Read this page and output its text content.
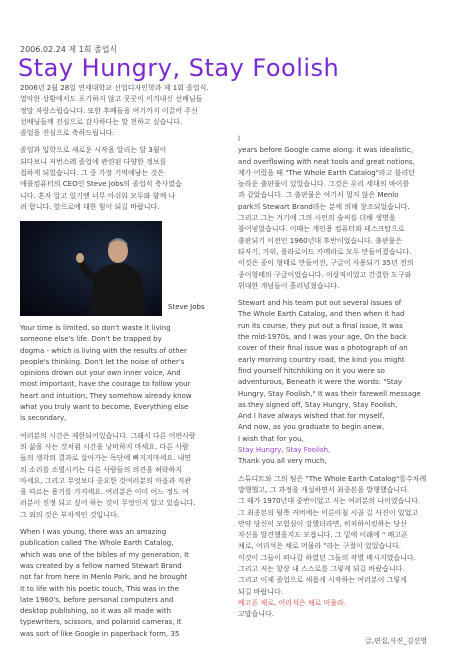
2006.02.24 제 1회 졸업식
Stay Hungry, Stay Foolish

2006년 2월 28일 연세대학교 신업디자인학과 제 1회 졸업식.
열악한 상황에서도 포기하지 않고 꿋꿋이 이겨내신 선배님들
정말 자랑스럽습니다. 또한 후배들을 여기까지 이끌어 주신
선배님들께 진심으로 감사하다는 말 전하고 싶습니다.
졸업을 진심으로 축하드립니다.

졸업과 입학으로 새로운 시작을 알리는 달 3월이
되다보니 저번스레 졸업에 관련된 다양한 정보를
접하게 되었습니다. 그 중 가장 기억에남는 것은
애플컴퓨터의 CEO인 Steve Jobs의 졸업식 축사였습
니다. 혼자 알고 있기엔 너무 아쉬워 모두와 함께 나
려 합니다. 앞으로에 대한 힘이 되길 바랍니다.

Steve Jobs

Your time is limited, so don't waste it living
someone else's life. Don't be trapped by
dogma - which is living with the results of other
people's thinking. Don't let the noise of other's
opinions drown out your own inner voice, And
most important, have the courage to follow your
heart and intuition, They somehow already know
what you truly want to become, Everything else
is secondary,

여러분의 시간은 제한되어있습니다. 그래서 다른 어떤사람
의 삶을 사는 것처럼 시간을 낭비하지 마세요. 다른 사람
들의 생각의 결과로 살아가는 독단에 빠지지마세요. 내면
의 소리를 소멸시키는 다른 사람들의 의견을 허락하지
마세요, 그리고 무엇보다 중요한 것여러분의 마음과 직관
을 따르는 용기를 가지세요. 여러분은 이미 어느 정도 여
러분이 진정 되고 싶어 하는 것이 무엇인지 알고 있습니다.
그 외의 것은 부차적인 것입니다.

When I was young, there was an amazing
publication called The Whole Earth Catalog,
which was one of the bibles of my generation, It
was created by a fellow named Stewart Brand
not far from here in Menlo Park, and he brought
it to life with his poetic touch, This was in the
late 1960's, before personal computers and
desktop publishing, so it was all made with
typewriters, scissors, and polaroid cameras, It
was sort of like Google in paperback form, 35

l
years before Google came along: it was idealistic,
and overflowing with neat tools and great notions,
제가 어렸을 때 "The Whole Earth Catalog"라고 불리던
놀라운 출판물이 있었습니다. 그것은 우리 세대의 바이블
과 같았습니다. 그 출판물은 여기서 멀지 않은 Menlo
park의 Stewart Brand라는 분에 의해 창조되었습니다.
그리고 그는 거기에 그의 시인의 숨씨를 더해 생명을
불어넣었습니다. 이때는 개인용 컴퓨터와 데스크탑으로
출판되기 이전인 1960년대 후반이었습니다. 출판물은
타자기, 가위, 폴라로이드 카메라로 모두 만들어졌습니다.
이것은 종이 형태로 만들어진, 구글이 사용되기 35년 전의
종이형태의 구글이었습니다. 이상적이었고 간결한 도구와
위대한 개념들이 흘러넘쳤습니다.

Stewart and his team put out several issues of
The Whole Earth Catalog, and then when it had
run its course, they put out a final issue, It was
the mid-1970s, and I was your age, On the back
cover of their final issue was a photograph of an
early morning country road, the kind you might
find yourself hitchhiking on it you were so
adventurous, Beneath it were the words: "Stay
Hungry, Stay Foolish," It was their farewell message
as they signed off, Stay Hungry, Stay Foolish,
And I have always wished that for myself,
And now, as you graduate to begin anew,
I wish that for you,

Stay Hungry, Stay Foolish,

Thank you all very much,

스튜디트와 그의 팀은 "The Whole Earth Catalog"를수차례
발행했고, 그 과정을 개설하면서 최종본을 발행했습니다.
그 때가 1970년대 중반이었고 저는 여러분의 나이였습니다.
그 최종본의 뒷쪽 커버에는 이른아침 시골 길 사진이 있었고
만약 당신이 모험심이 강했더라면, 히치하이킹하는 당신
자신을 발견했을지도 모릅니다. 그 밑에 이래에 " 배고픈
채로, 어리석은 채로 머물라 "라는 구절이 있었습니다.
이것이 그들이 떠나갈 하였던 그들의 작별 메시지였습니다.
그리고 저는 항상 내 스스로를 그렇게 되길 바랐습니다.
그리고 이제 졸업으로 새롭게 시작하는 여러분이 그렇게
되길 바랍니다.

배고픈 채로, 어리석은 채로 머물라.

고맙습니다.

글,편집,사진_김선영
